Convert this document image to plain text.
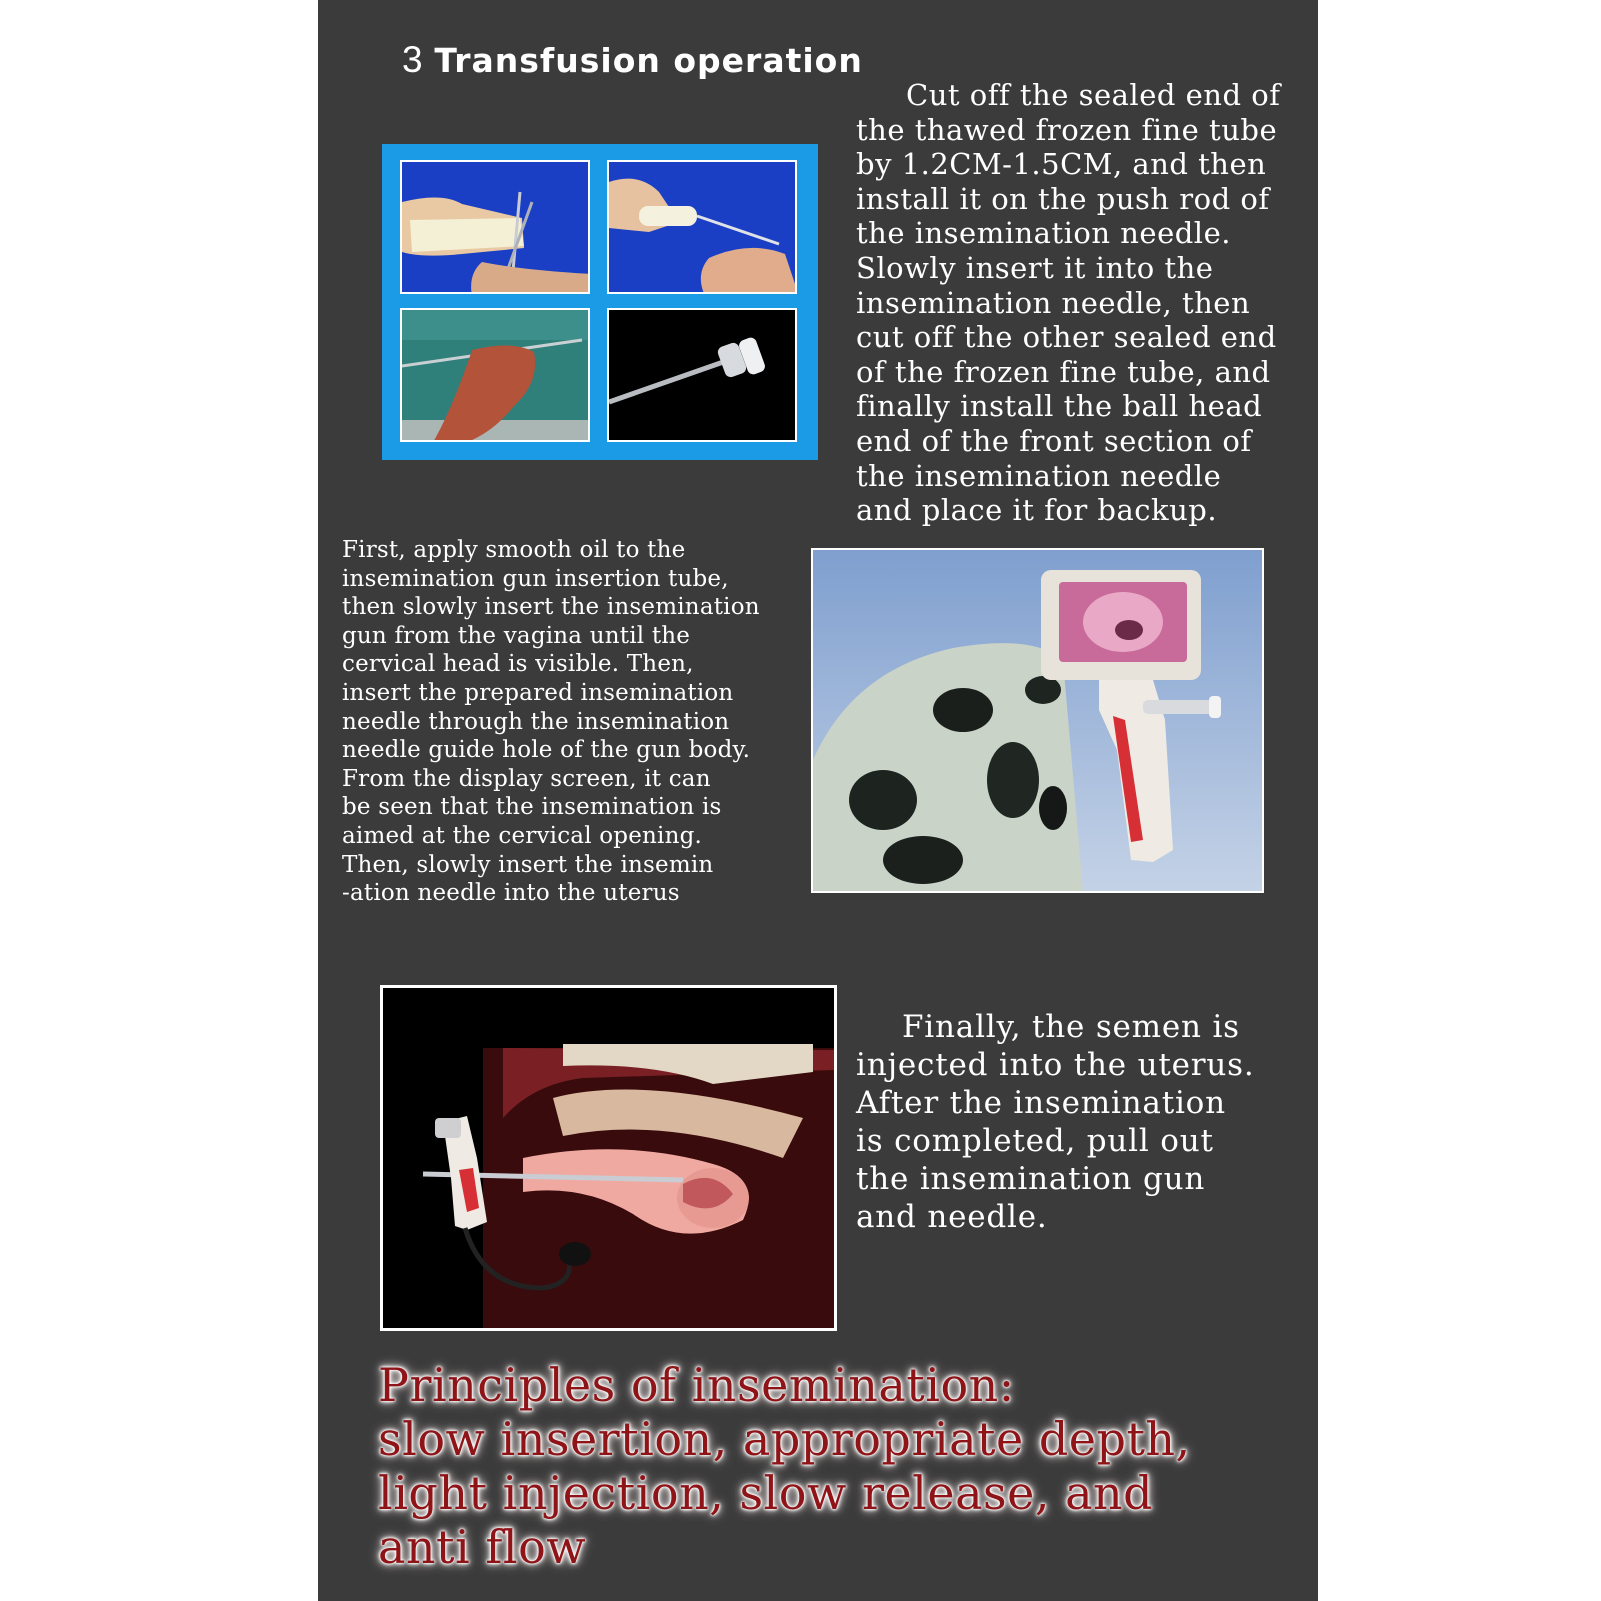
3 Transfusion operation

Cut off the sealed end of
the thawed frozen fine tube
by 1.2CM-1.5CM, and then
install it on the push rod of
the insemination needle.
Slowly insert it into the
insemination needle, then
cut off the other sealed end
of the frozen fine tube, and
finally install the ball head
end of the front section of
the insemination needle
and place it for backup.

First, apply smooth oil to the
insemination gun insertion tube,
then slowly insert the insemination
gun from the vagina until the
cervical head is visible. Then,
insert the prepared insemination
needle through the insemination
needle guide hole of the gun body.
From the display screen, it can
be seen that the insemination is
aimed at the cervical opening.
Then, slowly insert the insemin
-ation needle into the uterus

Finally, the semen is
injected into the uterus.
After the insemination
is completed, pull out
the insemination gun
and needle.

Principles of insemination:
slow insertion, appropriate depth,
light injection, slow release, and
anti flow
